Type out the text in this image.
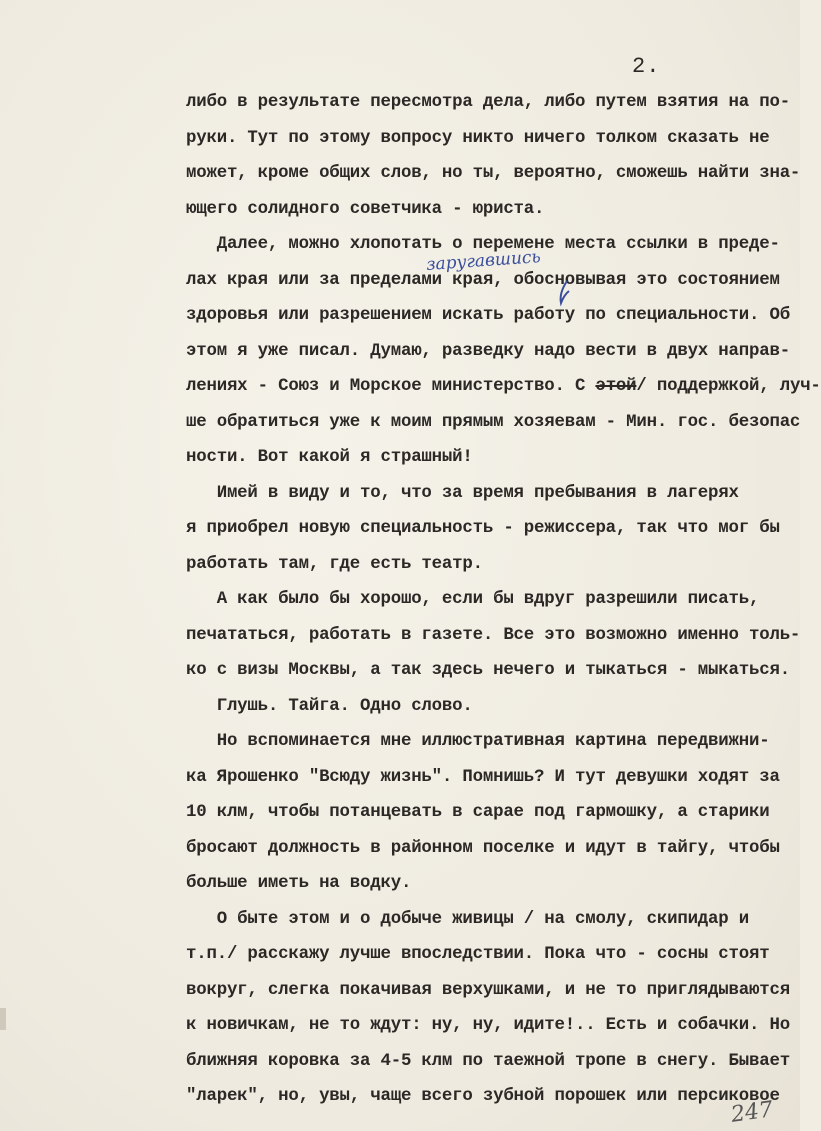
2.
либо в результате пересмотра дела, либо путем взятия на по-
руки. Тут по этому вопросу никто ничего толком сказать не
может, кроме общих слов, но ты, вероятно, сможешь найти зна-
ющего солидного советчика - юриста.
Далее, можно хлопотать о перемене места ссылки в преде-
лах края или за пределами края, обосновывая это состоянием
здоровья или разрешением искать работу по специальности. Об
этом я уже писал. Думаю, разведку надо вести в двух направ-
лениях - Союз и Морское министерство. С этой/ поддержкой, луч-
ше обратиться уже к моим прямым хозяевам - Мин. гос. безопас
ности. Вот какой я страшный!
Имей в виду и то, что за время пребывания в лагерях
я приобрел новую специальность - режиссера, так что мог бы
работать там, где есть театр.
А как было бы хорошо, если бы вдруг разрешили писать,
печататься, работать в газете. Все это возможно именно толь-
ко с визы Москвы, а так здесь нечего и тыкаться - мыкаться.
Глушь. Тайга. Одно слово.
Но вспоминается мне иллюстративная картина передвижни-
ка Ярошенко "Всюду жизнь". Помнишь? И тут девушки ходят за
10 клм, чтобы потанцевать в сарае под гармошку, а старики
бросают должность в районном поселке и идут в тайгу, чтобы
больше иметь на водку.
О быте этом и о добыче живицы / на смолу, скипидар и
т.п./ расскажу лучше впоследствии. Пока что - сосны стоят
вокруг, слегка покачивая верхушками, и не то приглядываются
к новичкам, не то ждут: ну, ну, идите!.. Есть и собачки. Но
ближняя коровка за 4-5 клм по таежной тропе в снегу. Бывает
"ларек", но, увы, чаще всего зубной порошек или персиковое
заругавшись
247
